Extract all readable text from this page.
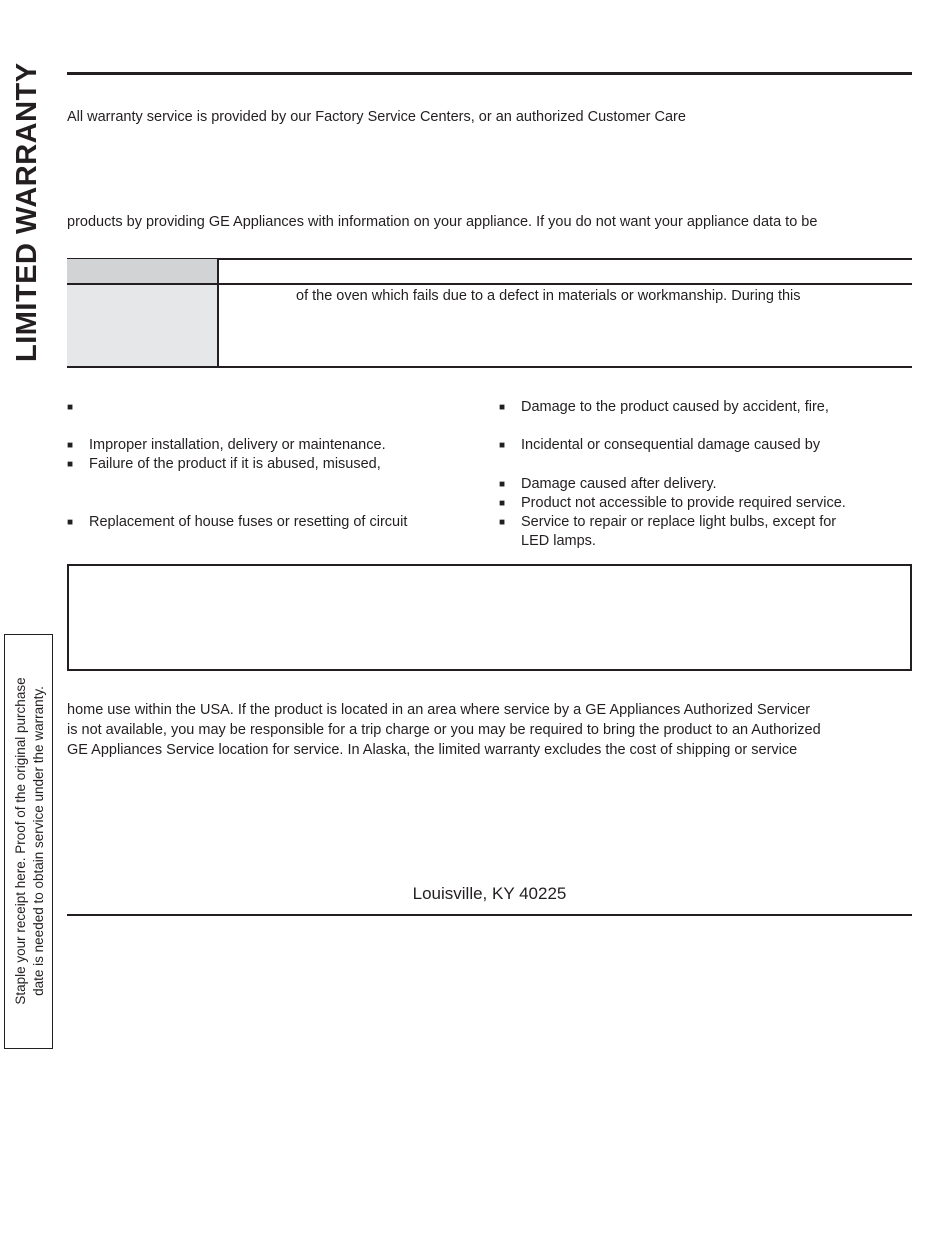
LIMITED WARRANTY All warranty service is provided by our Factory Service Centers, or an authorized Customer Care
products by providing GE Appliances with information on your appliance. If you do not want your appliance data to be
of the oven which fails due to a defect in materials or workmanship. During this
■
■ Improper installation, delivery or maintenance.
■ Failure of the product if it is abused, misused,
■ Replacement of house fuses or resetting of circuit
■ Damage to the product caused by accident, fire,
■ Incidental or consequential damage caused by
■ Damage caused after delivery.
■ Product not accessible to provide required service.
■ Service to repair or replace light bulbs, except for
LED lamps.
home use within the USA. If the product is located in an area where service by a GE Appliances Authorized Servicer
is not available, you may be responsible for a trip charge or you may be required to bring the product to an Authorized
GE Appliances Service location for service. In Alaska, the limited warranty excludes the cost of shipping or service
Louisville, KY 40225
Staple your receipt here. Proof of the original purchase date is needed to obtain service under the warranty.
